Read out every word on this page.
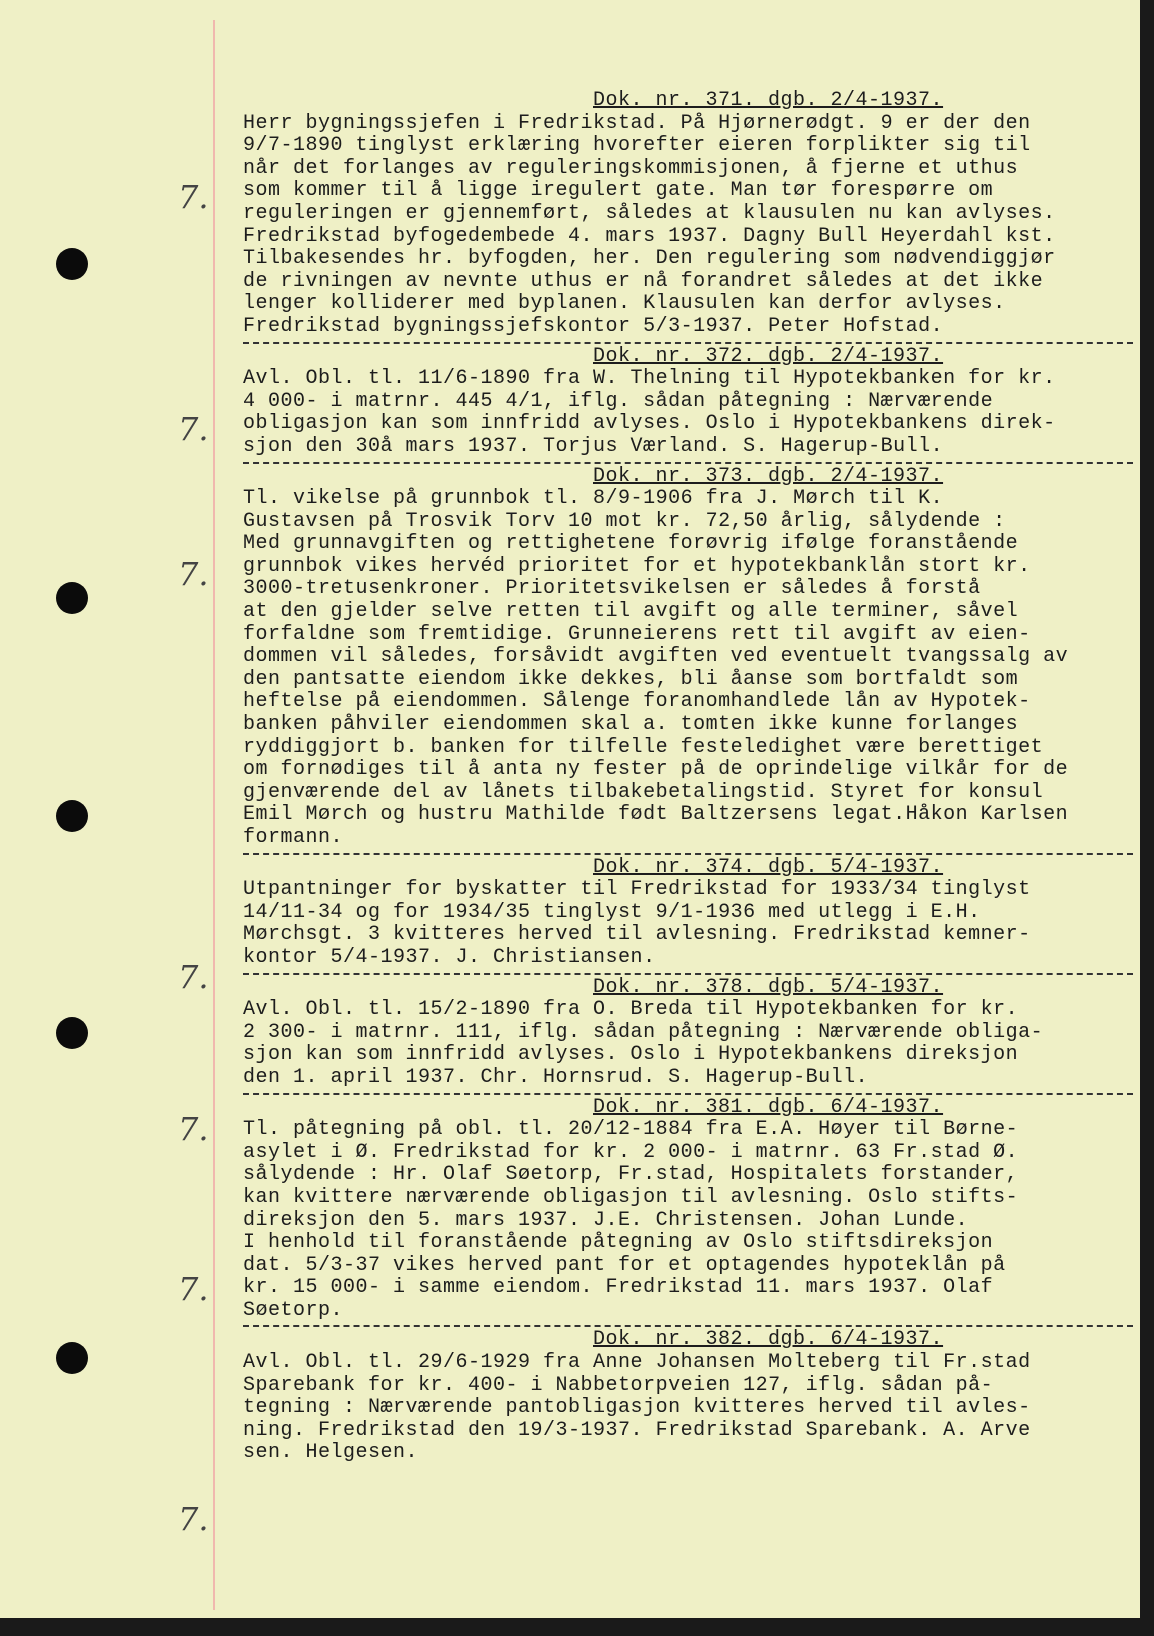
7.
7.
7.
7.
7.
7.
7.
Dok. nr. 371. dgb. 2/4-1937.
Herr bygningssjefen i Fredrikstad. På Hjørnerødgt. 9 er der den
9/7-1890 tinglyst erklæring hvorefter eieren forplikter sig til
når det forlanges av reguleringskommisjonen, å fjerne et uthus
som kommer til å ligge iregulert gate. Man tør forespørre om
reguleringen er gjennemført, således at klausulen nu kan avlyses.
Fredrikstad byfogedembede 4. mars 1937. Dagny Bull Heyerdahl kst.
Tilbakesendes hr. byfogden, her. Den regulering som nødvendiggjør
de rivningen av nevnte uthus er nå forandret således at det ikke
lenger kolliderer med byplanen. Klausulen kan derfor avlyses.
Fredrikstad bygningssjefskontor 5/3-1937. Peter Hofstad.
Dok. nr. 372. dgb. 2/4-1937.
Avl. Obl. tl. 11/6-1890 fra W. Thelning til Hypotekbanken for kr.
4 000- i matrnr. 445 4/1, iflg. sådan påtegning : Nærværende
obligasjon kan som innfridd avlyses. Oslo i Hypotekbankens direk-
sjon den 30å mars 1937. Torjus Værland. S. Hagerup-Bull.
Dok. nr. 373. dgb. 2/4-1937.
Tl. vikelse på grunnbok tl. 8/9-1906 fra J. Mørch til K.
Gustavsen på Trosvik Torv 10 mot kr. 72,50 årlig, sålydende :
Med grunnavgiften og rettighetene forøvrig ifølge foranstående
grunnbok vikes hervéd prioritet for et hypotekbanklån stort kr.
3000-tretusenkroner. Prioritetsvikelsen er således å forstå
at den gjelder selve retten til avgift og alle terminer, såvel
forfaldne som fremtidige. Grunneierens rett til avgift av eien-
dommen vil således, forsåvidt avgiften ved eventuelt tvangssalg av
den pantsatte eiendom ikke dekkes, bli åanse som bortfaldt som
heftelse på eiendommen. Sålenge foranomhandlede lån av Hypotek-
banken påhviler eiendommen skal a. tomten ikke kunne forlanges
ryddiggjort b. banken for tilfelle festeledighet være berettiget
om fornødiges til å anta ny fester på de oprindelige vilkår for de
gjenværende del av lånets tilbakebetalingstid. Styret for konsul
Emil Mørch og hustru Mathilde født Baltzersens legat.Håkon Karlsen
formann.
Dok. nr. 374. dgb. 5/4-1937.
Utpantninger for byskatter til Fredrikstad for 1933/34 tinglyst
14/11-34 og for 1934/35 tinglyst 9/1-1936 med utlegg i E.H.
Mørchsgt. 3 kvitteres herved til avlesning. Fredrikstad kemner-
kontor 5/4-1937. J. Christiansen.
Dok. nr. 378. dgb. 5/4-1937.
Avl. Obl. tl. 15/2-1890 fra O. Breda til Hypotekbanken for kr.
2 300- i matrnr. 111, iflg. sådan påtegning : Nærværende obliga-
sjon kan som innfridd avlyses. Oslo i Hypotekbankens direksjon
den 1. april 1937. Chr. Hornsrud. S. Hagerup-Bull.
Dok. nr. 381. dgb. 6/4-1937.
Tl. påtegning på obl. tl. 20/12-1884 fra E.A. Høyer til Børne-
asylet i Ø. Fredrikstad for kr. 2 000- i matrnr. 63 Fr.stad Ø.
sålydende : Hr. Olaf Søetorp, Fr.stad, Hospitalets forstander,
kan kvittere nærværende obligasjon til avlesning. Oslo stifts-
direksjon den 5. mars 1937. J.E. Christensen. Johan Lunde.
I henhold til foranstående påtegning av Oslo stiftsdireksjon
dat. 5/3-37 vikes herved pant for et optagendes hypoteklån på
kr. 15 000- i samme eiendom. Fredrikstad 11. mars 1937. Olaf
Søetorp.
Dok. nr. 382. dgb. 6/4-1937.
Avl. Obl. tl. 29/6-1929 fra Anne Johansen Molteberg til Fr.stad
Sparebank for kr. 400- i Nabbetorpveien 127, iflg. sådan på-
tegning : Nærværende pantobligasjon kvitteres herved til avles-
ning. Fredrikstad den 19/3-1937. Fredrikstad Sparebank. A. Arve
sen. Helgesen.
